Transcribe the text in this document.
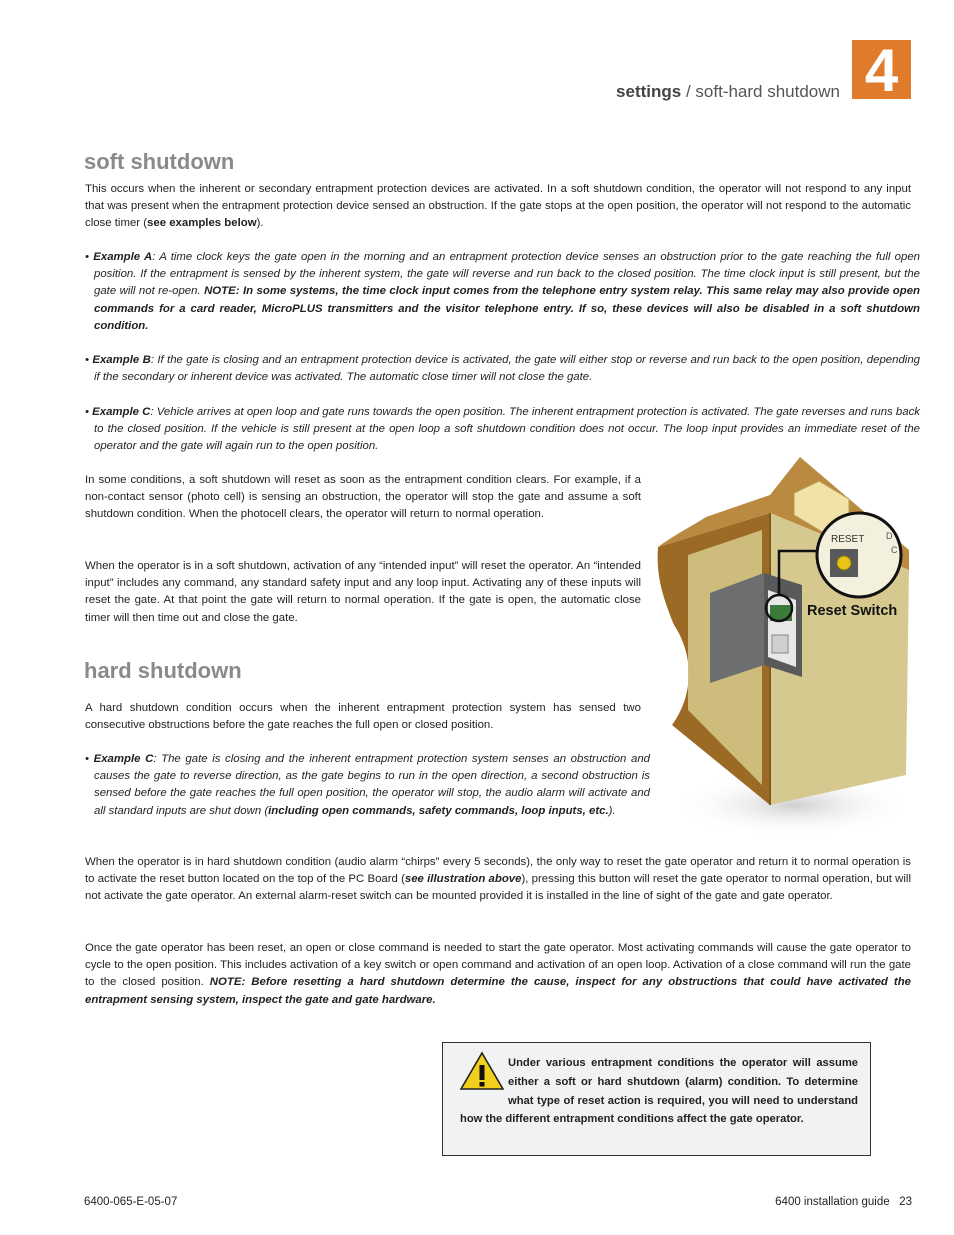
settings / soft-hard shutdown 4
soft shutdown
This occurs when the inherent or secondary entrapment protection devices are activated. In a soft shutdown condition, the operator will not respond to any input that was present when the entrapment protection device sensed an obstruction. If the gate stops at the open position, the operator will not respond to the automatic close timer (see examples below).
• Example A: A time clock keys the gate open in the morning and an entrapment protection device senses an obstruction prior to the gate reaching the full open position. If the entrapment is sensed by the inherent system, the gate will reverse and run back to the closed position. The time clock input is still present, but the gate will not re-open. NOTE: In some systems, the time clock input comes from the telephone entry system relay. This same relay may also provide open commands for a card reader, MicroPLUS transmitters and the visitor telephone entry. If so, these devices will also be disabled in a soft shutdown condition.
• Example B: If the gate is closing and an entrapment protection device is activated, the gate will either stop or reverse and run back to the open position, depending if the secondary or inherent device was activated. The automatic close timer will not close the gate.
• Example C: Vehicle arrives at open loop and gate runs towards the open position. The inherent entrapment protection is activated. The gate reverses and runs back to the closed position. If the vehicle is still present at the open loop a soft shutdown condition does not occur. The loop input provides an immediate reset of the operator and the gate will again run to the open position.
In some conditions, a soft shutdown will reset as soon as the entrapment condition clears. For example, if a non-contact sensor (photo cell) is sensing an obstruction, the operator will stop the gate and assume a soft shutdown condition. When the photocell clears, the operator will return to normal operation.
When the operator is in a soft shutdown, activation of any “intended input” will reset the operator. An “intended input” includes any command, any standard safety input and any loop input. Activating any of these inputs will reset the gate. At that point the gate will return to normal operation. If the gate is open, the automatic close timer will then time out and close the gate.
RESET D
C
Reset Switch
hard shutdown
A hard shutdown condition occurs when the inherent entrapment protection system has sensed two consecutive obstructions before the gate reaches the full open or closed position.
• Example C: The gate is closing and the inherent entrapment protection system senses an obstruction and causes the gate to reverse direction, as the gate begins to run in the open direction, a second obstruction is sensed before the gate reaches the full open position, the operator will stop, the audio alarm will activate and all standard inputs are shut down (including open commands, safety commands, loop inputs, etc.).
When the operator is in hard shutdown condition (audio alarm “chirps” every 5 seconds), the only way to reset the gate operator and return it to normal operation is to activate the reset button located on the top of the PC Board (see illustration above), pressing this button will reset the gate operator to normal operation, but will not activate the gate operator. An external alarm-reset switch can be mounted provided it is installed in the line of sight of the gate and gate operator.
Once the gate operator has been reset, an open or close command is needed to start the gate operator. Most activating commands will cause the gate operator to cycle to the open position. This includes activation of a key switch or open command and activation of an open loop. Activation of a close command will run the gate to the closed position. NOTE: Before resetting a hard shutdown determine the cause, inspect for any obstructions that could have activated the entrapment sensing system, inspect the gate and gate hardware.
Under various entrapment conditions the operator will assume either a soft or hard shutdown (alarm) condition. To determine what type of reset action is required, you will need to understand how the different entrapment conditions affect the gate operator.
6400-065-E-05-07	6400 installation guide 23
